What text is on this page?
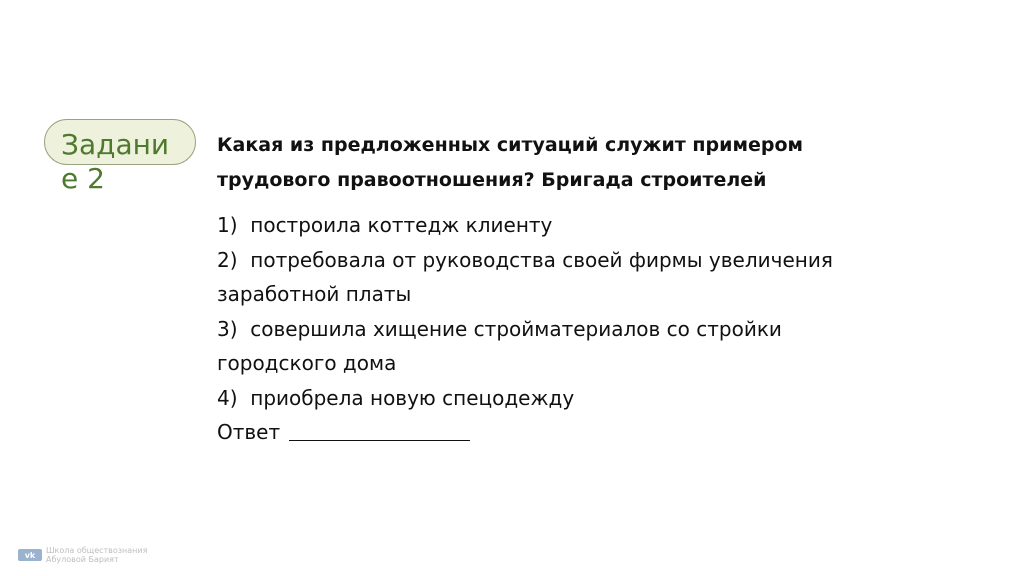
Задание 2
Какая из предложенных ситуаций служит примером трудового правоотношения? Бригада строителей
1) построила коттедж клиенту
2) потребовала от руководства своей фирмы увеличения заработной платы
3) совершила хищение стройматериалов со стройки городского дома
4) приобрела новую спецодежду
Ответ
vk	Школа обществознания
Абуловой Барият
